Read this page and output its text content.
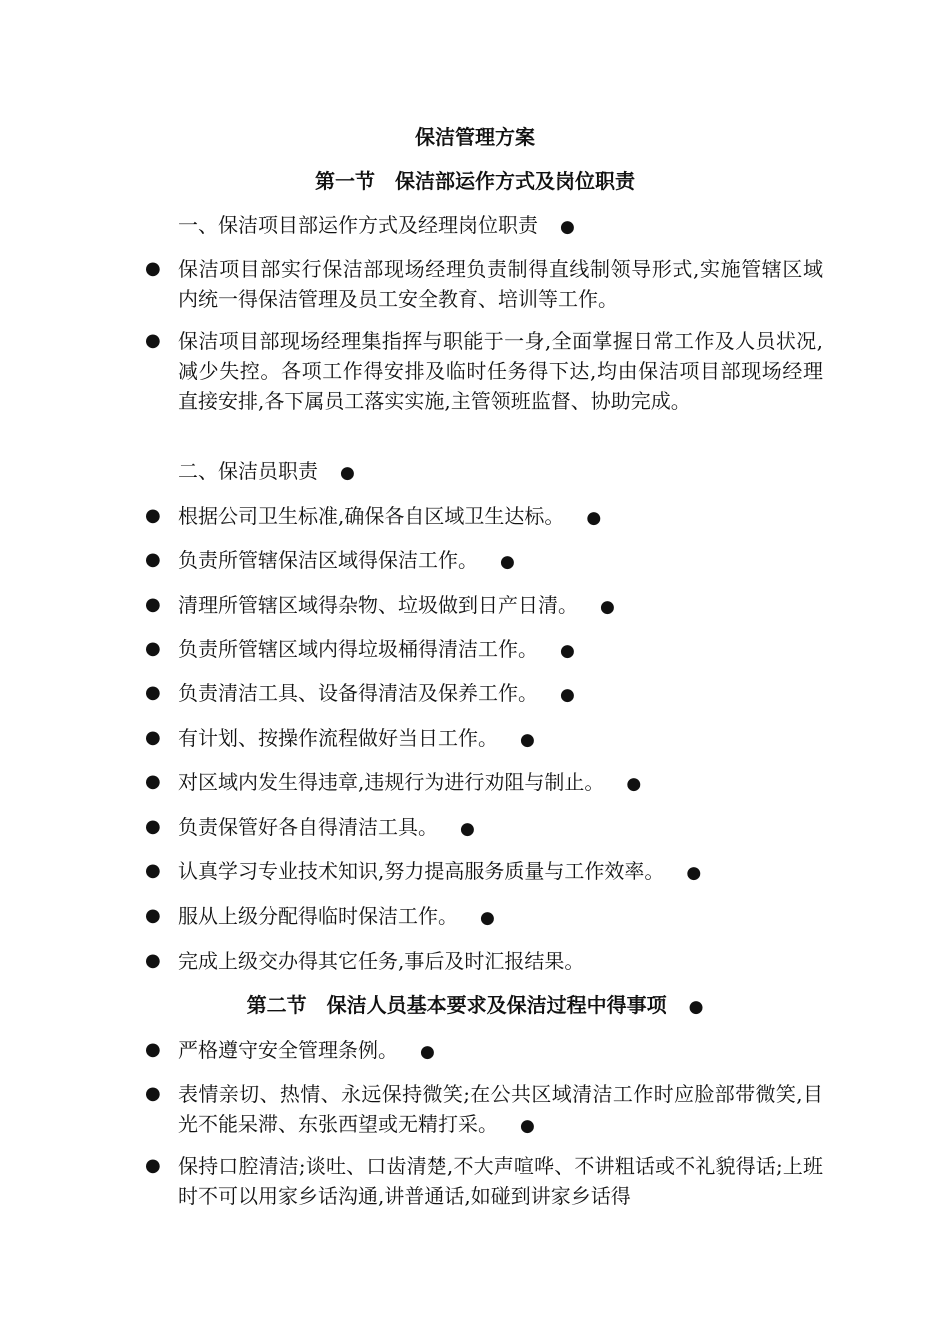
保洁管理方案
第一节　保洁部运作方式及岗位职责
一、保洁项目部运作方式及经理岗位职责 ●
● 保洁项目部实行保洁部现场经理负责制得直线制领导形式,实施管辖区域内统一得保洁管理及员工安全教育、培训等工作。
● 保洁项目部现场经理集指挥与职能于一身,全面掌握日常工作及人员状况,减少失控。各项工作得安排及临时任务得下达,均由保洁项目部现场经理直接安排,各下属员工落实实施,主管领班监督、协助完成。
二、保洁员职责 ●
● 根据公司卫生标准,确保各自区域卫生达标。 ●
● 负责所管辖保洁区域得保洁工作。 ●
● 清理所管辖区域得杂物、垃圾做到日产日清。 ●
● 负责所管辖区域内得垃圾桶得清洁工作。 ●
● 负责清洁工具、设备得清洁及保养工作。 ●
● 有计划、按操作流程做好当日工作。 ●
● 对区域内发生得违章,违规行为进行劝阻与制止。 ●
● 负责保管好各自得清洁工具。 ●
● 认真学习专业技术知识,努力提高服务质量与工作效率。 ●
● 服从上级分配得临时保洁工作。 ●
● 完成上级交办得其它任务,事后及时汇报结果。
第二节　保洁人员基本要求及保洁过程中得事项 ●
● 严格遵守安全管理条例。 ●
● 表情亲切、热情、永远保持微笑;在公共区域清洁工作时应脸部带微笑,目光不能呆滞、东张西望或无精打采。 ●
● 保持口腔清洁;谈吐、口齿清楚,不大声喧哗、不讲粗话或不礼貌得话;上班时不可以用家乡话沟通,讲普通话,如碰到讲家乡话得
